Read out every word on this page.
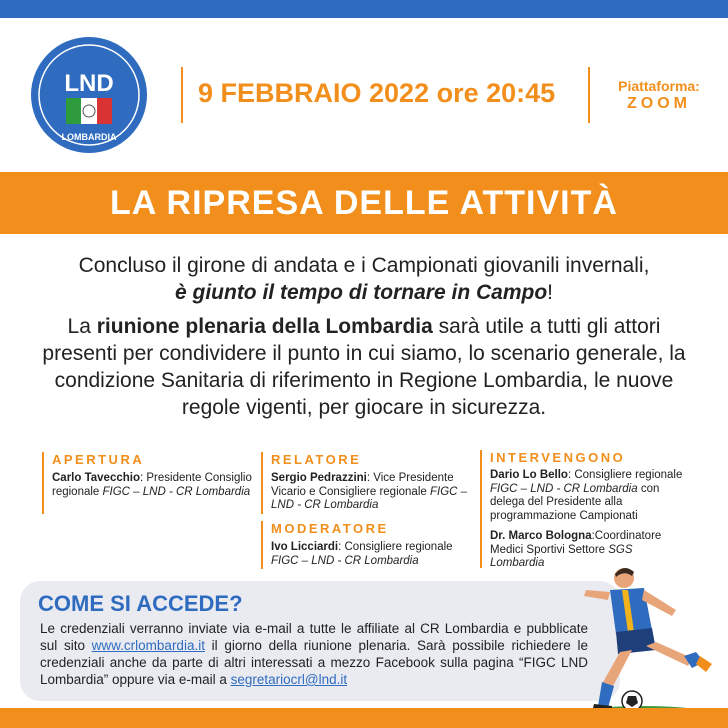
LND
LOMBARDIA
9 FEBBRAIO 2022 ore 20:45	Piattaforma:
ZOOM
LA RIPRESA DELLE ATTIVITÀ
Concluso il girone di andata e i Campionati giovanili invernali,
è giunto il tempo di tornare in Campo!
La riunione plenaria della Lombardia sarà utile a tutti gli attori presenti per condividere il punto in cui siamo, lo scenario generale, la condizione Sanitaria di riferimento in Regione Lombardia, le nuove regole vigenti, per giocare in sicurezza.
APERTURA
Carlo Tavecchio: Presidente Consiglio regionale FIGC – LND - CR Lombardia
RELATORE
Sergio Pedrazzini: Vice Presidente Vicario e Consigliere regionale FIGC – LND - CR Lombardia
MODERATORE
Ivo Licciardi: Consigliere regionale FIGC – LND - CR Lombardia
INTERVENGONO
Dario Lo Bello: Consigliere regionale FIGC – LND - CR Lombardia con delega del Presidente alla programmazione Campionati
Dr. Marco Bologna:Coordinatore Medici Sportivi Settore SGS Lombardia
COME SI ACCEDE?
Le credenziali verranno inviate via e-mail a tutte le affiliate al CR Lombardia e pubblicate sul sito www.crlombardia.it il giorno della riunione plenaria. Sarà possibile richiedere le credenziali anche da parte di altri interessati a mezzo Facebook sulla pagina “FIGC LND Lombardia” oppure via e-mail a segretariocrl@lnd.it
